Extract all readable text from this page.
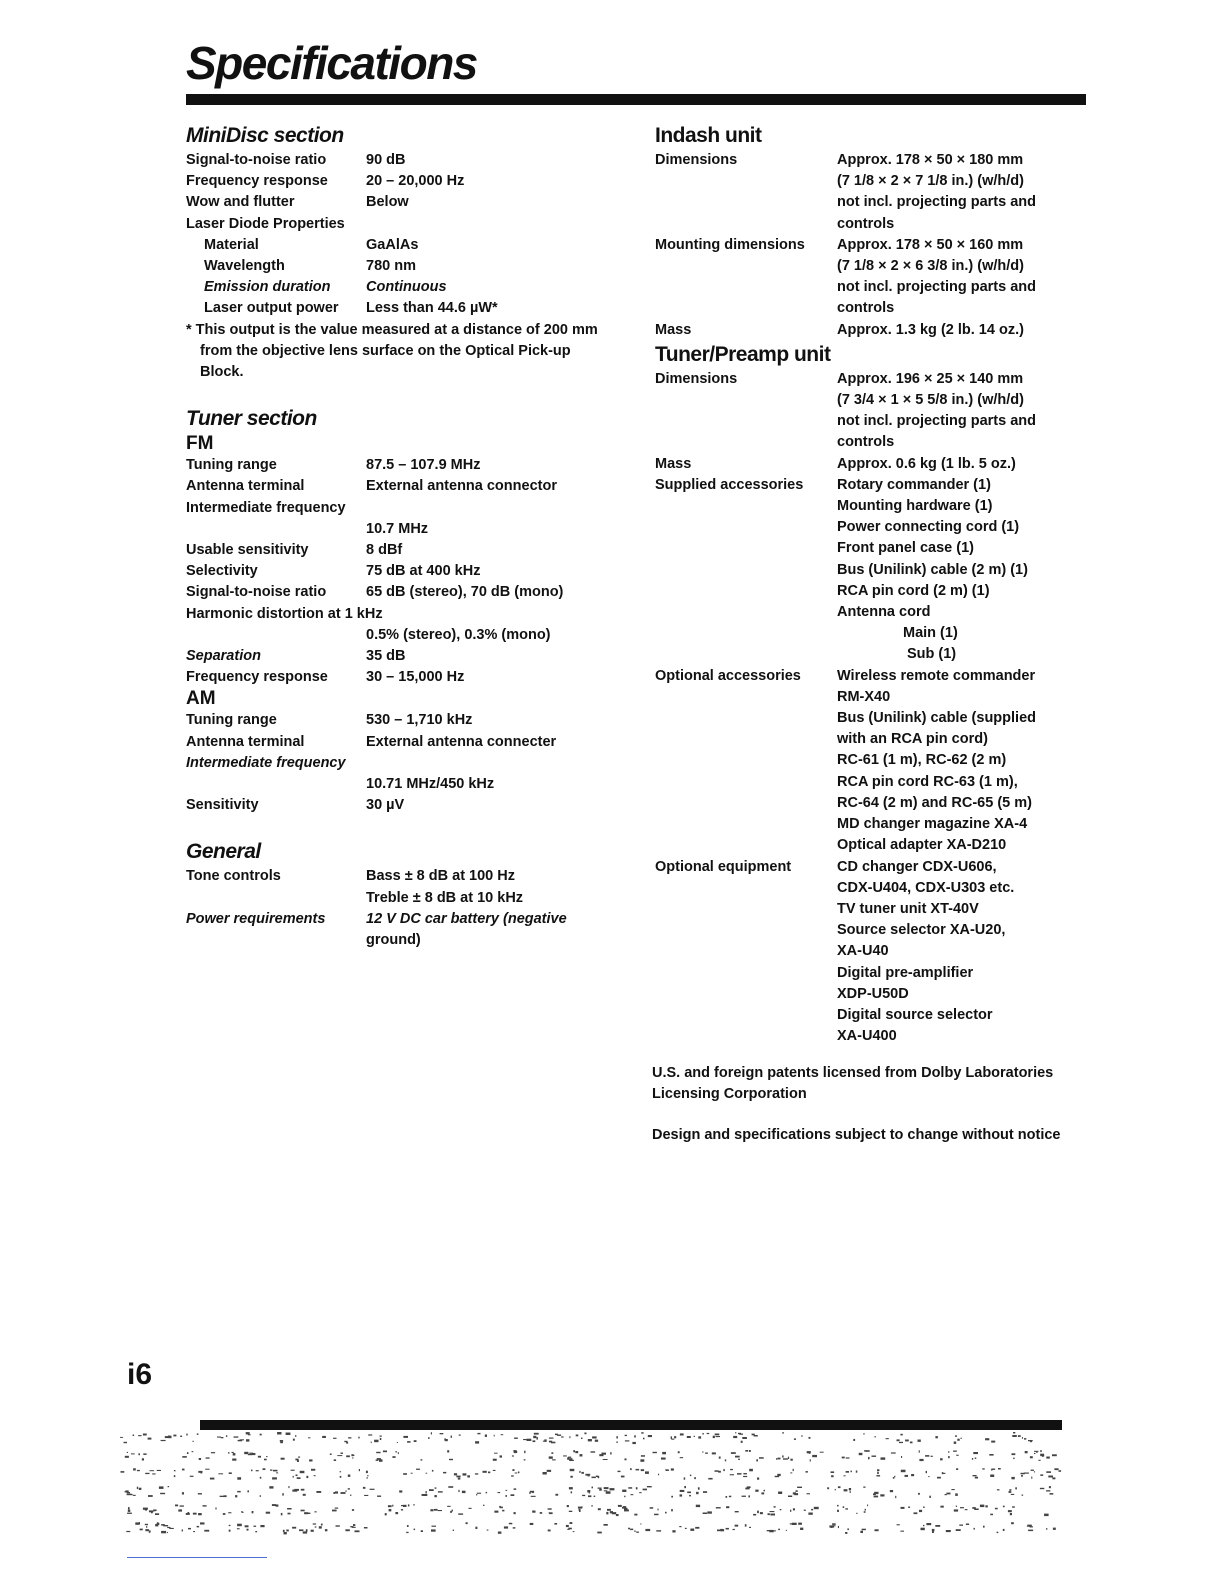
Specifications
MiniDisc section
Signal-to-noise ratio	90 dB
Frequency response	20 – 20,000 Hz
Wow and flutter	Below
Laser Diode Properties
Material	GaAlAs
Wavelength	780 nm
Emission duration	Continuous
Laser output power	Less than 44.6 µW*
* This output is the value measured at a distance of 200 mm from the objective lens surface on the Optical Pick-up Block.
Tuner section
FM
Tuning range	87.5 – 107.9 MHz
Antenna terminal	External antenna connector
Intermediate frequency
10.7 MHz
Usable sensitivity	8 dBf
Selectivity	75 dB at 400 kHz
Signal-to-noise ratio	65 dB (stereo), 70 dB (mono)
Harmonic distortion at 1 kHz
0.5% (stereo), 0.3% (mono)
Separation	35 dB
Frequency response	30 – 15,000 Hz
AM
Tuning range	530 – 1,710 kHz
Antenna terminal	External antenna connecter
Intermediate frequency
10.71 MHz/450 kHz
Sensitivity	30 µV
General
Tone controls	Bass ± 8 dB at 100 Hz
Treble ± 8 dB at 10 kHz
Power requirements	12 V DC car battery (negative
ground)
Indash unit
Dimensions	Approx. 178 × 50 × 180 mm
(7 1/8 × 2 × 7 1/8 in.) (w/h/d)
not incl. projecting parts and
controls
Mounting dimensions	Approx. 178 × 50 × 160 mm
(7 1/8 × 2 × 6 3/8 in.) (w/h/d)
not incl. projecting parts and
controls
Mass	Approx. 1.3 kg (2 lb. 14 oz.)
Tuner/Preamp unit
Dimensions	Approx. 196 × 25 × 140 mm
(7 3/4 × 1 × 5 5/8 in.) (w/h/d)
not incl. projecting parts and
controls
Mass	Approx. 0.6 kg (1 lb. 5 oz.)
Supplied accessories	Rotary commander (1)
Mounting hardware (1)
Power connecting cord (1)
Front panel case (1)
Bus (Unilink) cable (2 m) (1)
RCA pin cord (2 m) (1)
Antenna cord
Main (1)
Sub (1)
Optional accessories	Wireless remote commander
RM-X40
Bus (Unilink) cable (supplied
with an RCA pin cord)
RC-61 (1 m), RC-62 (2 m)
RCA pin cord RC-63 (1 m),
RC-64 (2 m) and RC-65 (5 m)
MD changer magazine XA-4
Optical adapter XA-D210
Optional equipment	CD changer CDX-U606,
CDX-U404, CDX-U303 etc.
TV tuner unit XT-40V
Source selector XA-U20,
XA-U40
Digital pre-amplifier
XDP-U50D
Digital source selector
XA-U400

U.S. and foreign patents licensed from Dolby Laboratories Licensing Corporation

Design and specifications subject to change without notice

i6
